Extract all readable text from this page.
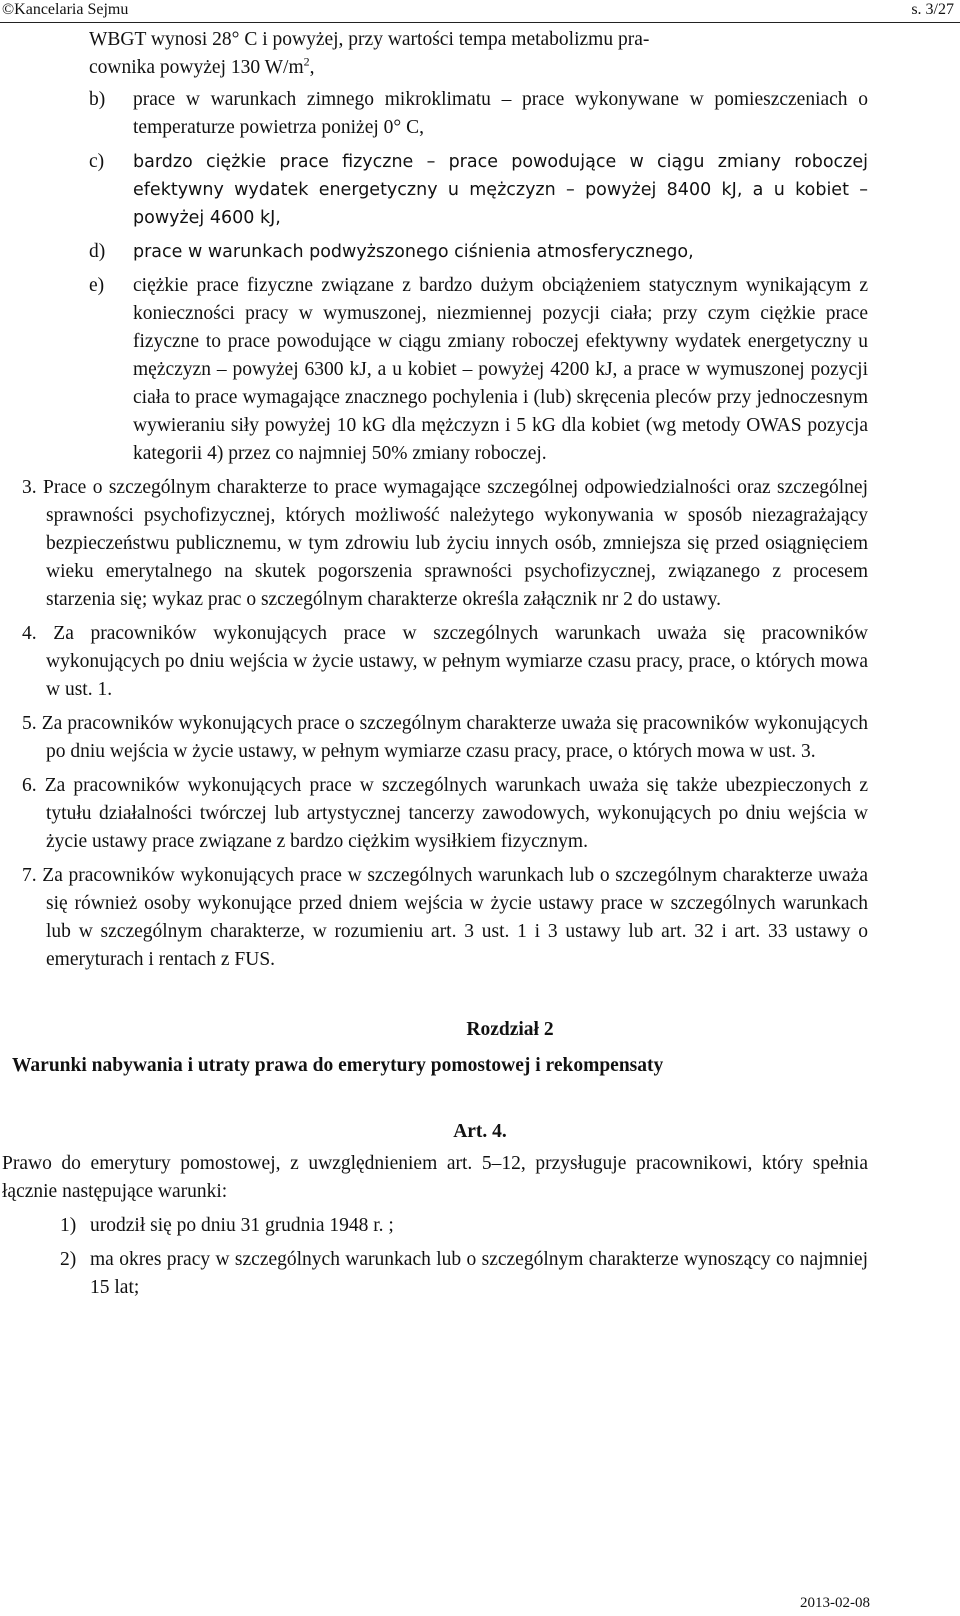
©Kancelaria Sejmu	s. 3/27

WBGT wynosi 28° C i powyżej, przy wartości tempa metabolizmu pra-
cownika powyżej 130 $W/m^2$,

b)	prace w warunkach zimnego mikroklimatu – prace wykonywane w pomieszczeniach o temperaturze powietrza poniżej 0° C,
c) bardzo ciężkie prace fizyczne – prace powodujące w ciągu zmiany roboczej efektywny wydatek energetyczny u mężczyzn – powyżej 8400 kJ, a u kobiet – powyżej 4600 kJ,
d)	prace w warunkach podwyższonego ciśnienia atmosferycznego,
e)	ciężkie prace fizyczne związane z bardzo dużym obciążeniem statycznym wynikającym z konieczności pracy w wymuszonej, niezmiennej pozycji ciała; przy czym ciężkie prace fizyczne to prace powodujące w ciągu zmiany roboczej efektywny wydatek energetyczny u mężczyzn – powyżej 6300 kJ, a u kobiet – powyżej 4200 kJ, a prace w wymuszonej pozycji ciała to prace wymagające znacznego pochylenia i (lub) skręcenia pleców przy jednoczesnym wywieraniu siły powyżej 10 kG dla mężczyzn i 5 kG dla kobiet (wg metody OWAS pozycja kategorii 4) przez co najmniej 50% zmiany roboczej.
3. Prace o szczególnym charakterze to prace wymagające szczególnej odpowiedzialności oraz szczególnej sprawności psychofizycznej, których możliwość należytego wykonywania w sposób niezagrażający bezpieczeństwu publicznemu, w tym zdrowiu lub życiu innych osób, zmniejsza się przed osiągnięciem wieku emerytalnego na skutek pogorszenia sprawności psychofizycznej, związanego z procesem starzenia się; wykaz prac o szczególnym charakterze określa załącznik nr 2 do ustawy.
4. Za pracowników wykonujących prace w szczególnych warunkach uważa się pracowników wykonujących po dniu wejścia w życie ustawy, w pełnym wymiarze czasu pracy, prace, o których mowa w ust. 1.
5. Za pracowników wykonujących prace o szczególnym charakterze uważa się pracowników wykonujących po dniu wejścia w życie ustawy, w pełnym wymiarze czasu pracy, prace, o których mowa w ust. 3.
6. Za pracowników wykonujących prace w szczególnych warunkach uważa się także ubezpieczonych z tytułu działalności twórczej lub artystycznej tancerzy zawodowych, wykonujących po dniu wejścia w życie ustawy prace związane z bardzo ciężkim wysiłkiem fizycznym.
7. Za pracowników wykonujących prace w szczególnych warunkach lub o szczególnym charakterze uważa się również osoby wykonujące przed dniem wejścia w życie ustawy prace w szczególnych warunkach lub w szczególnym charakterze, w rozumieniu art. 3 ust. 1 i 3 ustawy lub art. 32 i art. 33 ustawy o emeryturach i rentach z FUS.
Rozdział 2
Warunki nabywania i utraty prawa do emerytury pomostowej i rekompensaty
Art. 4.

Prawo do emerytury pomostowej, z uwzględnieniem art. 5–12, przysługuje pracownikowi, który spełnia łącznie następujące warunki:

1) urodził się po dniu 31 grudnia 1948 r. ;
2) ma okres pracy w szczególnych warunkach lub o szczególnym charakterze wynoszący co najmniej 15 lat;
2013-02-08
